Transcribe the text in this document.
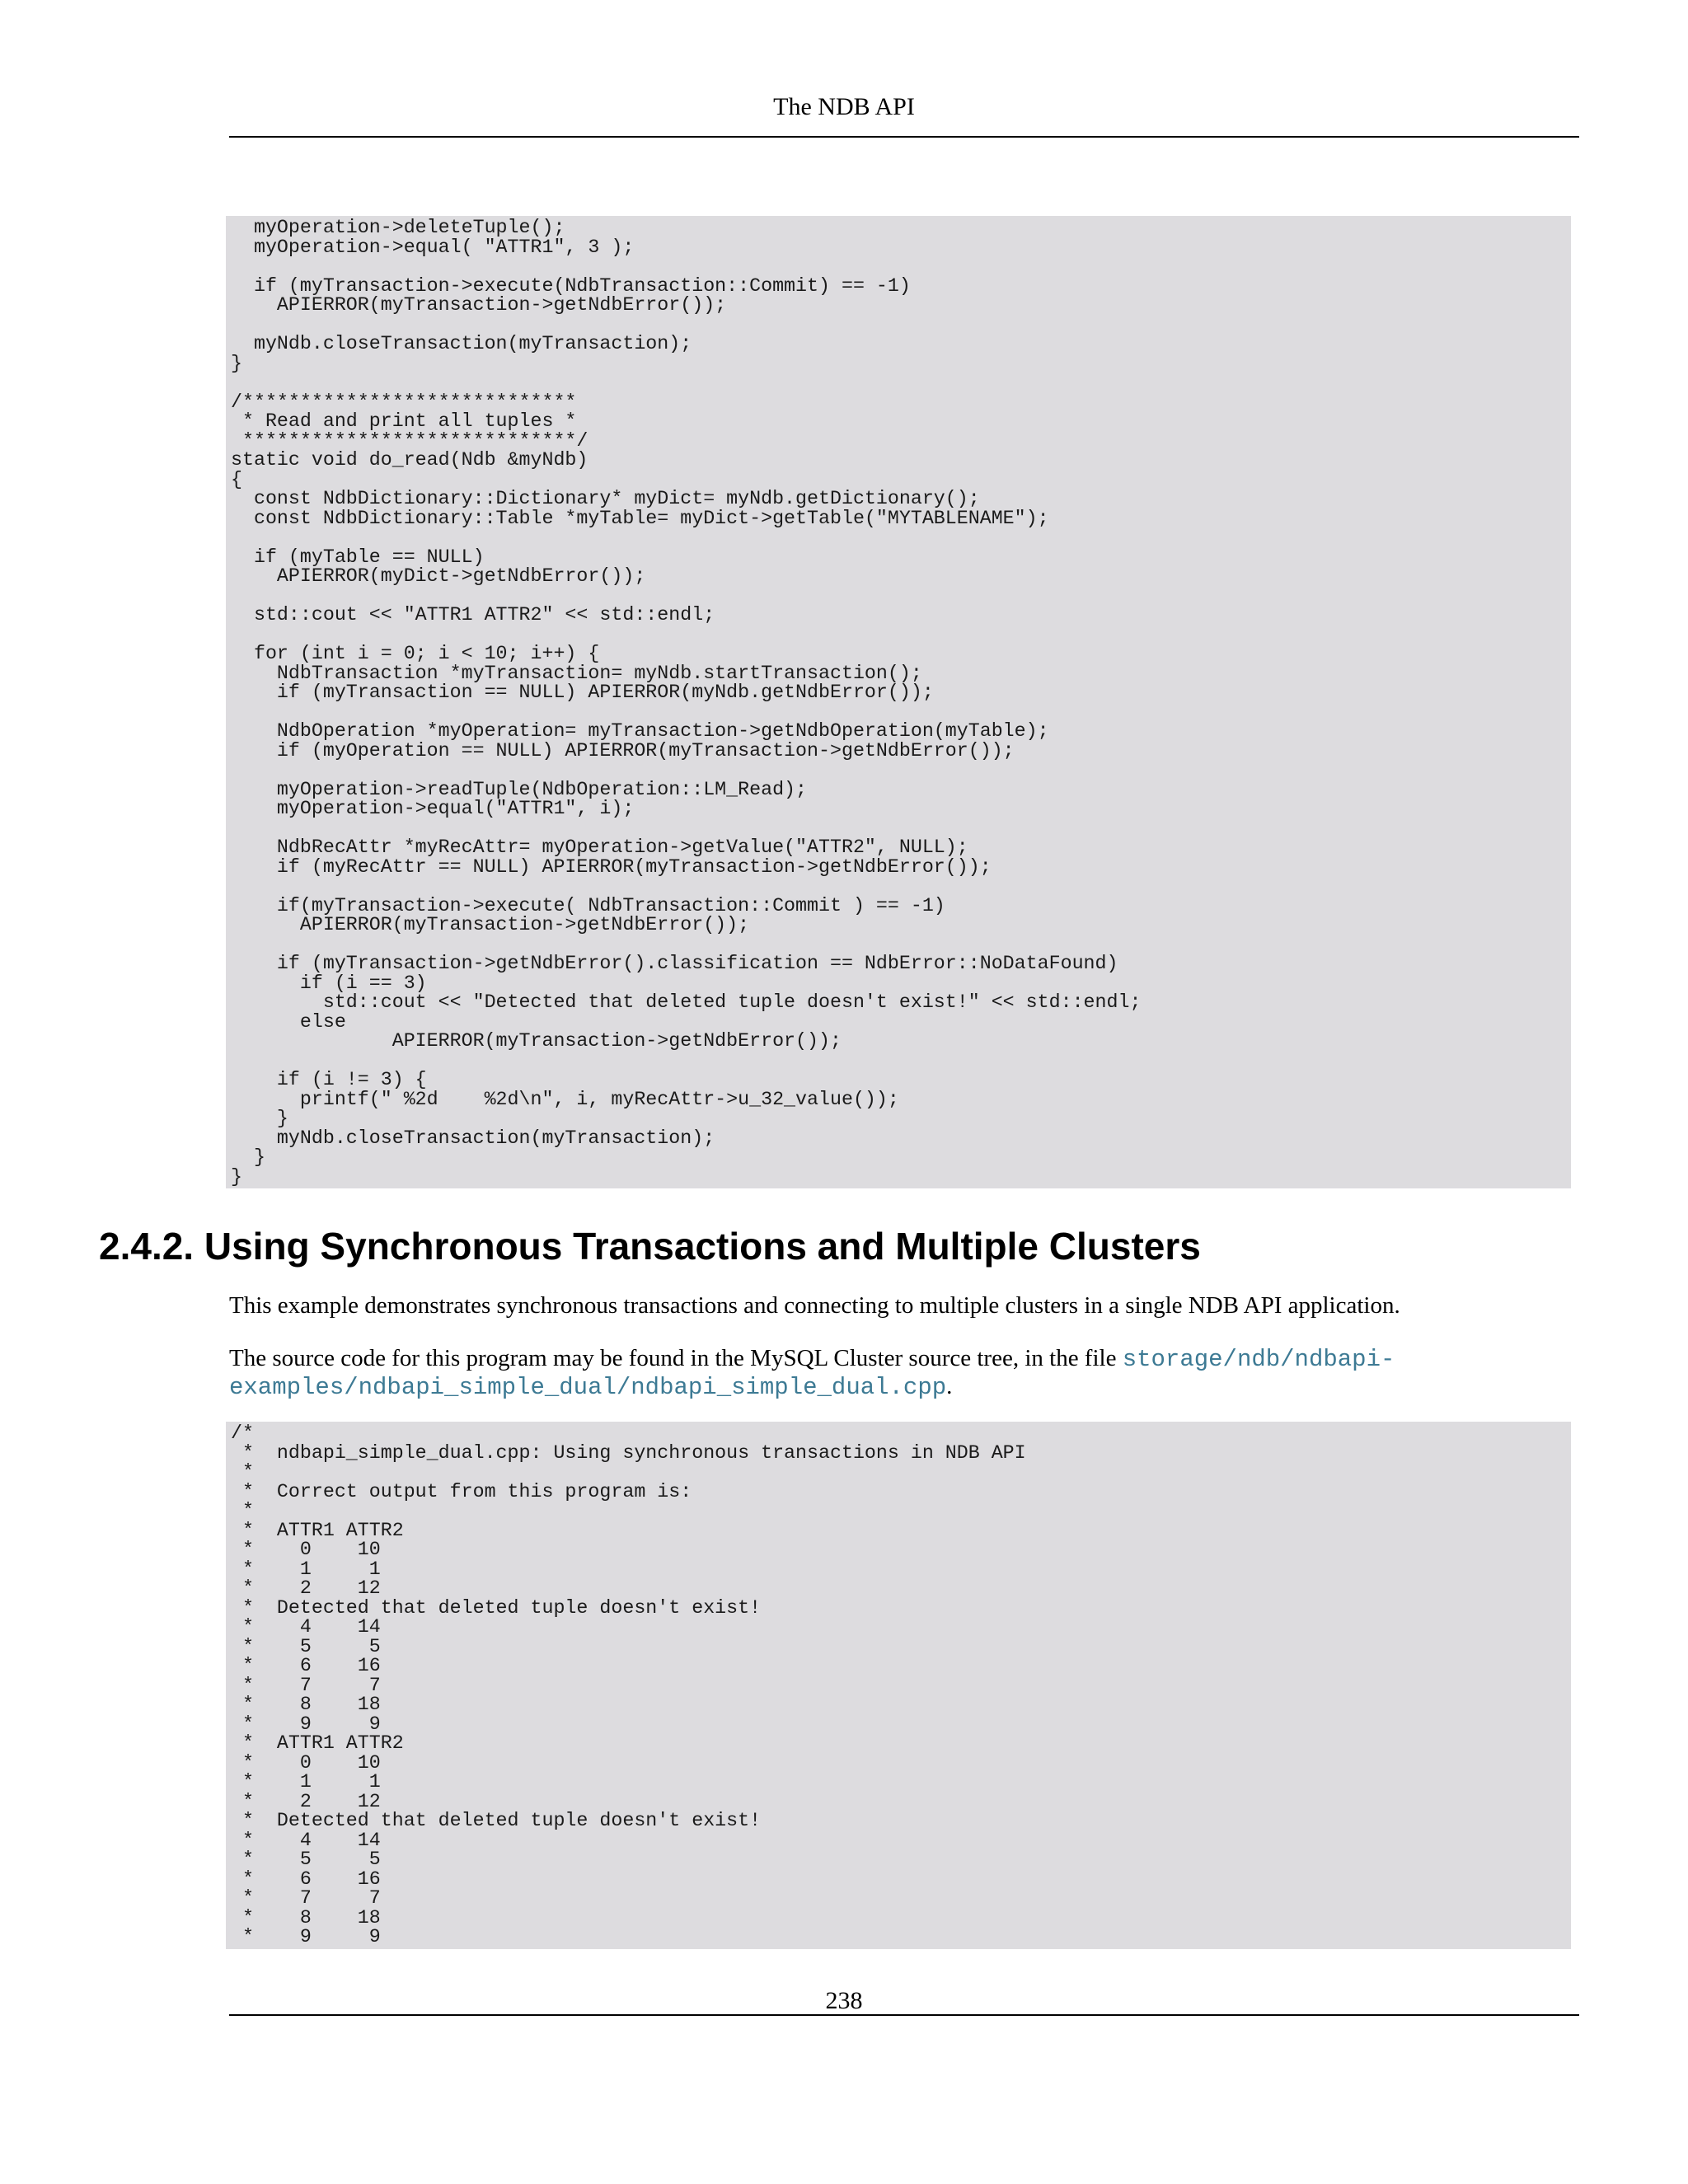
The NDB API
myOperation->deleteTuple();
myOperation->equal( "ATTR1", 3 );

if (myTransaction->execute(NdbTransaction::Commit) == -1)
APIERROR(myTransaction->getNdbError());

myNdb.closeTransaction(myTransaction);
}

/*****************************
* Read and print all tuples *
*****************************/
static void do_read(Ndb &myNdb)
{
const NdbDictionary::Dictionary* myDict= myNdb.getDictionary();
const NdbDictionary::Table *myTable= myDict->getTable("MYTABLENAME");

if (myTable == NULL)
APIERROR(myDict->getNdbError());

std::cout << "ATTR1 ATTR2" << std::endl;

for (int i = 0; i < 10; i++) {
NdbTransaction *myTransaction= myNdb.startTransaction();
if (myTransaction == NULL) APIERROR(myNdb.getNdbError());

NdbOperation *myOperation= myTransaction->getNdbOperation(myTable);
if (myOperation == NULL) APIERROR(myTransaction->getNdbError());

myOperation->readTuple(NdbOperation::LM_Read);
myOperation->equal("ATTR1", i);

NdbRecAttr *myRecAttr= myOperation->getValue("ATTR2", NULL);
if (myRecAttr == NULL) APIERROR(myTransaction->getNdbError());

if(myTransaction->execute( NdbTransaction::Commit ) == -1)
APIERROR(myTransaction->getNdbError());

if (myTransaction->getNdbError().classification == NdbError::NoDataFound)
if (i == 3)
std::cout << "Detected that deleted tuple doesn't exist!" << std::endl;
else
APIERROR(myTransaction->getNdbError());

if (i != 3) {
printf(" %2d    %2d\n", i, myRecAttr->u_32_value());
}
myNdb.closeTransaction(myTransaction);
}
}
2.4.2. Using Synchronous Transactions and Multiple Clusters

This example demonstrates synchronous transactions and connecting to multiple clusters in a single NDB API application.

The source code for this program may be found in the MySQL Cluster source tree, in the file storage/ndb/ndbapi-examples/ndbapi_simple_dual/ndbapi_simple_dual.cpp.

/*
*  ndbapi_simple_dual.cpp: Using synchronous transactions in NDB API
*
*  Correct output from this program is:
*
*  ATTR1 ATTR2
*    0    10
*    1     1
*    2    12
*  Detected that deleted tuple doesn't exist!
*    4    14
*    5     5
*    6    16
*    7     7
*    8    18
*    9     9
*  ATTR1 ATTR2
*    0    10
*    1     1
*    2    12
*  Detected that deleted tuple doesn't exist!
*    4    14
*    5     5
*    6    16
*    7     7
*    8    18
*    9     9
238
